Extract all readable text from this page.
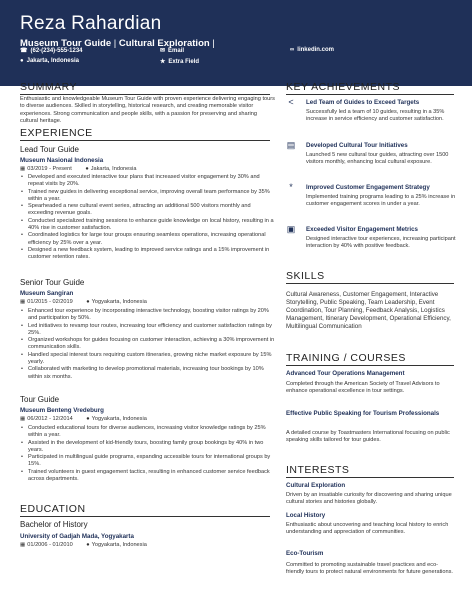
Reza Rahardian
Museum Tour Guide | Cultural Exploration |
☎ (62-(234)-555-1234	✉ Email	∞ linkedin.com
● Jakarta, Indonesia	★ Extra Field
SUMMARY
Enthusiastic and knowledgeable Museum Tour Guide with proven experience delivering engaging tours to diverse audiences. Skilled in storytelling, historical research, and creating memorable visitor experiences. Strong communication and people skills, with a passion for preserving and sharing cultural heritage.
EXPERIENCE
Lead Tour Guide
Museum Nasional Indonesia
▦ 03/2019 - Present ● Jakarta, Indonesia
• Developed and executed interactive tour plans that increased visitor engagement by 30% and repeat visits by 20%.
• Trained new guides in delivering exceptional service, improving overall team performance by 35% within a year.
• Spearheaded a new cultural event series, attracting an additional 500 visitors monthly and exceeding revenue goals.
• Conducted specialized training sessions to enhance guide knowledge on local history, resulting in a 40% rise in customer satisfaction.
• Coordinated logistics for large tour groups ensuring seamless operations, increasing operational efficiency by 25% over a year.
• Designed a new feedback system, leading to improved service ratings and a 15% improvement in customer retention rates.
Senior Tour Guide
Museum Sangiran
▦ 01/2015 - 02/2019 ● Yogyakarta, Indonesia
• Enhanced tour experience by incorporating interactive technology, boosting visitor ratings by 20% and participation by 50%.
• Led initiatives to revamp tour routes, increasing tour efficiency and customer satisfaction ratings by 25%.
• Organized workshops for guides focusing on customer interaction, achieving a 30% improvement in communication skills.
• Handled special interest tours requiring custom itineraries, growing niche market exposure by 15% yearly.
• Collaborated with marketing to develop promotional materials, increasing tour bookings by 10% within six months.
Tour Guide
Museum Benteng Vredeburg
▦ 06/2012 - 12/2014 ● Yogyakarta, Indonesia
• Conducted educational tours for diverse audiences, increasing visitor knowledge ratings by 25% within a year.
• Assisted in the development of kid-friendly tours, boosting family group bookings by 40% in two years.
• Participated in multilingual guide programs, expanding accessible tours for international groups by 15%.
• Trained volunteers in guest engagement tactics, resulting in enhanced customer service feedback across departments.
EDUCATION
Bachelor of History
University of Gadjah Mada, Yogyakarta
▦ 01/2006 - 01/2010 ● Yogyakarta, Indonesia
KEY ACHIEVEMENTS
<	Led Team of Guides to Exceed Targets
Successfully led a team of 10 guides, resulting in a 35% increase in service efficiency and customer satisfaction.
▤ Developed Cultural Tour Initiatives
Launched 5 new cultural tour guides, attracting over 1500 visitors monthly, enhancing local cultural exposure.
*	Improved Customer Engagement Strategy
Implemented training programs leading to a 25% increase in customer engagement scores in under a year.
▣ Exceeded Visitor Engagement Metrics
Designed interactive tour experiences, increasing participant interaction by 40% with positive feedback.
SKILLS
Cultural Awareness, Customer Engagement, Interactive Storytelling, Public Speaking, Team Leadership, Event Coordination, Tour Planning, Feedback Analysis, Logistics Management, Itinerary Development, Operational Efficiency, Multilingual Communication
TRAINING / COURSES
Advanced Tour Operations Management
Completed through the American Society of Travel Advisors to enhance operational excellence in tour settings.
Effective Public Speaking for Tourism Professionals
A detailed course by Toastmasters International focusing on public speaking skills tailored for tour guides.
INTERESTS
Cultural Exploration
Driven by an insatiable curiosity for discovering and sharing unique cultural stories and histories globally.
Local History
Enthusiastic about uncovering and teaching local history to enrich understanding and appreciation of communities.
Eco-Tourism
Committed to promoting sustainable travel practices and eco-friendly tours to protect natural environments for future generations.
